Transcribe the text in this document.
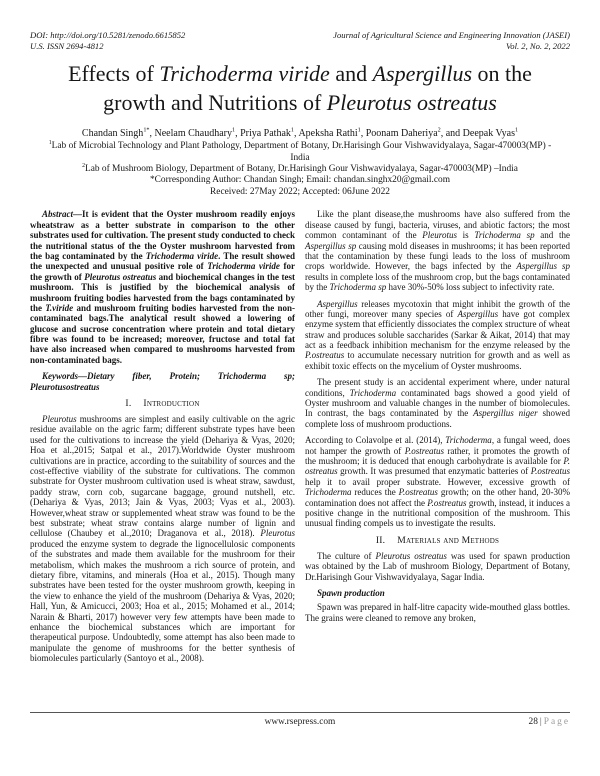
DOI: http://doi.org/10.5281/zenodo.6615852
U.S. ISSN 2694-4812
Journal of Agricultural Science and Engineering Innovation (JASEI)
Vol. 2, No. 2, 2022
Effects of Trichoderma viride and Aspergillus on the growth and Nutritions of Pleurotus ostreatus
Chandan Singh$^{1*}$, Neelam Chaudhary$^1$, Priya Pathak$^1$, Apeksha Rathi$^1$, Poonam Daheriya$^2$, and Deepak Vyas$^1$
$^1$Lab of Microbial Technology and Plant Pathology, Department of Botany, Dr.Harisingh Gour Vishwavidyalaya, Sagar-470003(MP) -India
$^2$Lab of Mushroom Biology, Department of Botany, Dr.Harisingh Gour Vishwavidyalaya, Sagar-470003(MP) –India
*Corresponding Author: Chandan Singh; Email: chandan.singhx20@gmail.com
Received: 27May 2022; Accepted: 06June 2022

Abstract—It is evident that the Oyster mushroom readily enjoys wheatstraw as a better substrate in comparison to the other substrates used for cultivation. The present study conducted to check the nutritional status of the the Oyster mushroom harvested from the bag contaminated by the Trichoderma viride. The result showed the unexpected and unusual positive role of Trichoderma viride for the growth of Pleurotus ostreatus and biochemical changes in the test mushroom. This is justified by the biochemical analysis of mushroom fruiting bodies harvested from the bags contaminated by the T.viride and mushroom fruiting bodies harvested from the non-contaminated bags.The analytical result showed a lowering of glucose and sucrose concentration where protein and total dietary fibre was found to be increased; moreover, fructose and total fat have also increased when compared to mushrooms harvested from non-contaminated bags.

Keywords—Dietary fiber, Protein; Trichoderma sp; Pleurotusostreatus

I. Introduction

Pleurotus mushrooms are simplest and easily cultivable on the agric residue available on the agric farm; different substrate types have been used for the cultivations to increase the yield (Dehariya & Vyas, 2020; Hoa et al.,2015; Satpal et al., 2017).Worldwide Oyster mushroom cultivations are in practice, according to the suitability of sources and the cost-effective viability of the substrate for cultivations. The common substrate for Oyster mushroom cultivation used is wheat straw, sawdust, paddy straw, corn cob, sugarcane baggage, ground nutshell, etc. (Dehariya & Vyas, 2013; Jain & Vyas, 2003; Vyas et al., 2003). However,wheat straw or supplemented wheat straw was found to be the best substrate; wheat straw contains alarge number of lignin and cellulose (Chaubey et al.,2010; Draganova et al., 2018). Pleurotus produced the enzyme system to degrade the lignocellulosic components of the substrates and made them available for the mushroom for their metabolism, which makes the mushroom a rich source of protein, and dietary fibre, vitamins, and minerals (Hoa et al., 2015). Though many substrates have been tested for the oyster mushroom growth, keeping in the view to enhance the yield of the mushroom (Dehariya & Vyas, 2020; Hall, Yun, & Amicucci, 2003; Hoa et al., 2015; Mohamed et al., 2014; Narain & Bharti, 2017) however very few attempts have been made to enhance the biochemical substances which are important for therapeutical purpose. Undoubtedly, some attempt has also been made to manipulate the genome of mushrooms for the better synthesis of biomolecules particularly (Santoyo et al., 2008).

Like the plant disease,the mushrooms have also suffered from the disease caused by fungi, bacteria, viruses, and abiotic factors; the most common contaminant of the Pleurotus is Trichoderma sp and the Aspergillus sp causing mold diseases in mushrooms; it has been reported that the contamination by these fungi leads to the loss of mushroom crops worldwide. However, the bags infected by the Aspergillus sp results in complete loss of the mushroom crop, but the bags contaminated by the Trichoderma sp have 30%-50% loss subject to infectivity rate.

Aspergillus releases mycotoxin that might inhibit the growth of the other fungi, moreover many species of Aspergillus have got complex enzyme system that efficiently dissociates the complex structure of wheat straw and produces soluble saccharides (Sarkar & Aikat, 2014) that may act as a feedback inhibition mechanism for the enzyme released by the P.ostreatus to accumulate necessary nutrition for growth and as well as exhibit toxic effects on the mycelium of Oyster mushrooms.

The present study is an accidental experiment where, under natural conditions, Trichoderma contaminated bags showed a good yield of Oyster mushroom and valuable changes in the number of biomolecules. In contrast, the bags contaminated by the Aspergillus niger showed complete loss of mushroom productions.

According to Colavolpe et al. (2014), Trichoderma, a fungal weed, does not hamper the growth of P.ostreatus rather, it promotes the growth of the mushroom; it is deduced that enough carbohydrate is available for P. ostreatus growth. It was presumed that enzymatic batteries of P.ostreatus help it to avail proper substrate. However, excessive growth of Trichoderma reduces the P.ostreatus growth; on the other hand, 20-30% contamination does not affect the P.ostreatus growth, instead, it induces a positive change in the nutritional composition of the mushroom. This unusual finding compels us to investigate the results.

II. Materials and Methods

The culture of Pleurotus ostreatus was used for spawn production was obtained by the Lab of mushroom Biology, Department of Botany, Dr.Harisingh Gour Vishwavidyalaya, Sagar India.

Spawn production

Spawn was prepared in half-litre capacity wide-mouthed glass bottles. The grains were cleaned to remove any broken,

www.rsepress.com	28 | Page
